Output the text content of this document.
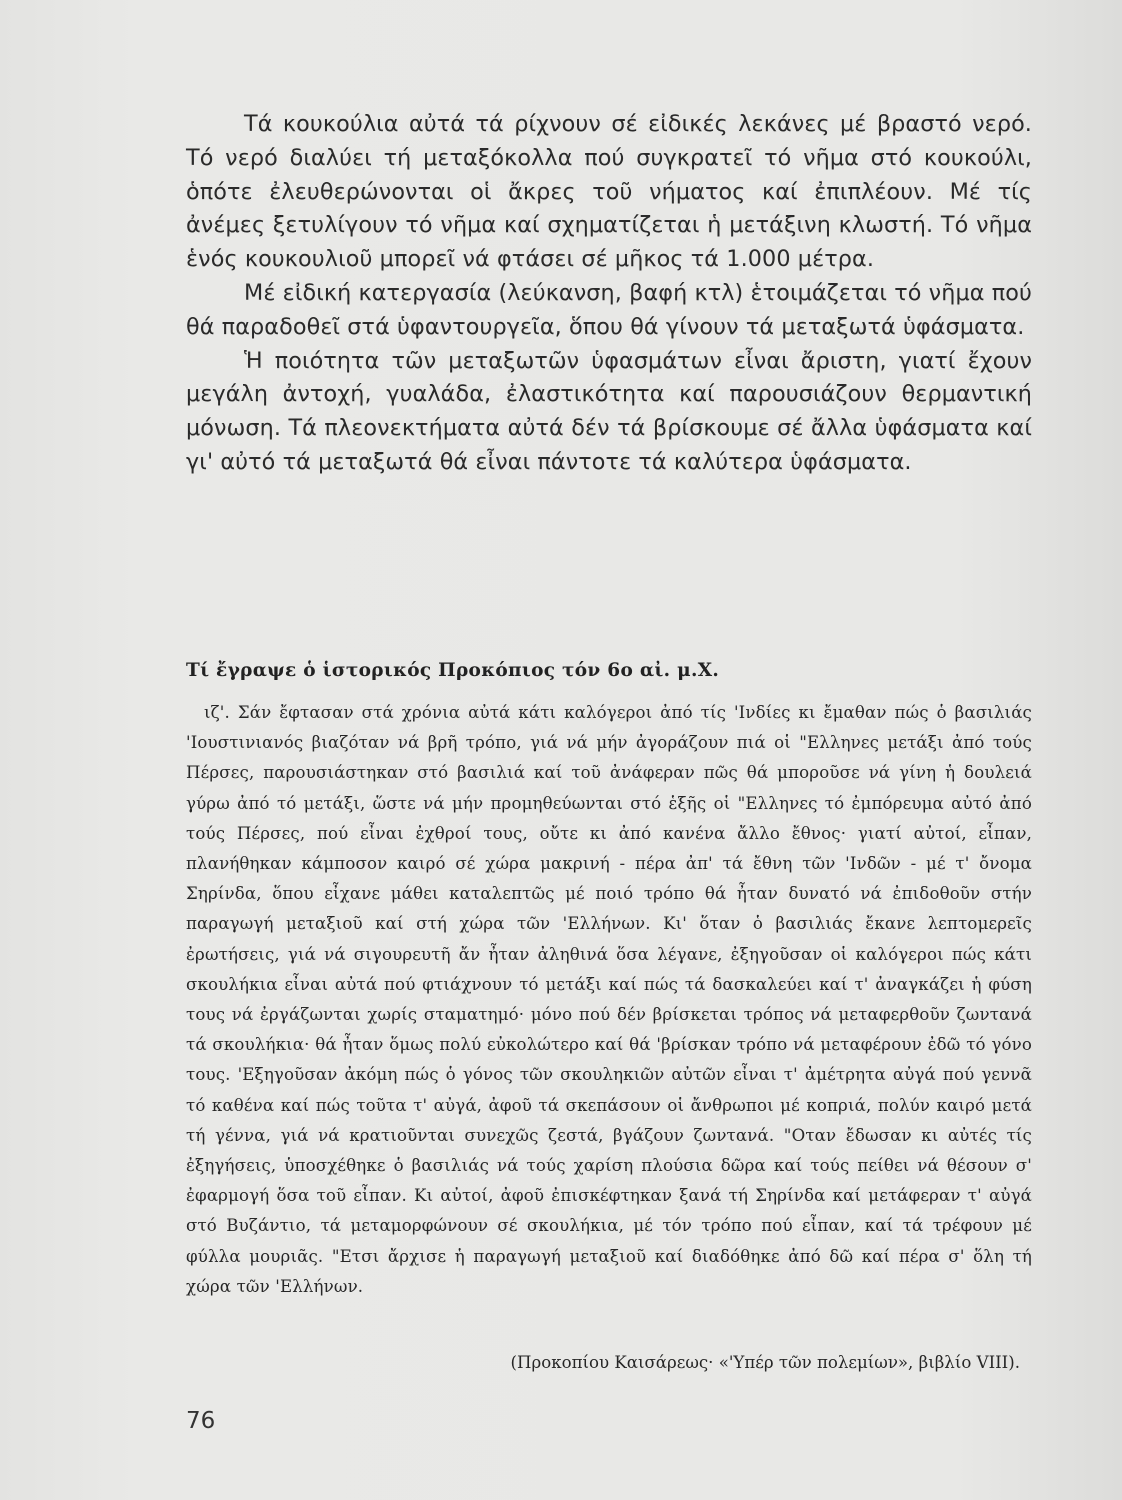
Τά κουκούλια αὐτά τά ρίχνουν σέ εἰδικές λεκάνες μέ βραστό νερό. Τό νερό διαλύει τή μεταξόκολλα πού συγκρατεῖ τό νῆμα στό κουκούλι, ὁπότε ἐλευθερώνονται οἱ ἄκρες τοῦ νήματος καί ἐπιπλέουν. Μέ τίς ἀνέμες ξετυλίγουν τό νῆμα καί σχηματίζεται ἡ μετάξινη κλωστή. Τό νῆμα ἑνός κουκουλιοῦ μπορεῖ νά φτάσει σέ μῆκος τά 1.000 μέτρα.

Μέ εἰδική κατεργασία (λεύκανση, βαφή κτλ) ἑτοιμάζεται τό νῆμα πού θά παραδοθεῖ στά ὑφαντουργεῖα, ὅπου θά γίνουν τά μεταξωτά ὑφάσματα.

Ἡ ποιότητα τῶν μεταξωτῶν ὑφασμάτων εἶναι ἄριστη, γιατί ἔχουν μεγάλη ἀντοχή, γυαλάδα, ἐλαστικότητα καί παρουσιάζουν θερμαντική μόνωση. Τά πλεονεκτήματα αὐτά δέν τά βρίσκουμε σέ ἄλλα ὑφάσματα καί γι' αὐτό τά μεταξωτά θά εἶναι πάντοτε τά καλύτερα ὑφάσματα.

Τί ἔγραψε ὁ ἱστορικός Προκόπιος τόν 6ο αἰ. μ.Χ.

ιζ'. Σάν ἔφτασαν στά χρόνια αὐτά κάτι καλόγεροι ἀπό τίς 'Ινδίες κι ἔμαθαν πώς ὁ βασιλιάς 'Ιουστινιανός βιαζόταν νά βρῆ τρόπο, γιά νά μήν ἀγοράζουν πιά οἱ "Ελληνες μετάξι ἀπό τούς Πέρσες, παρουσιάστηκαν στό βασιλιά καί τοῦ ἀνάφεραν πῶς θά μποροῦσε νά γίνη ἡ δουλειά γύρω ἀπό τό μετάξι, ὥστε νά μήν προμηθεύωνται στό ἑξῆς οἱ "Ελληνες τό ἐμπόρευμα αὐτό ἀπό τούς Πέρσες, πού εἶναι ἐχθροί τους, οὔτε κι ἀπό κανένα ἄλλο ἔθνος· γιατί αὐτοί, εἶπαν, πλανήθηκαν κάμποσον καιρό σέ χώρα μακρινή - πέρα ἀπ' τά ἔθνη τῶν 'Ινδῶν - μέ τ' ὄνομα Σηρίνδα, ὅπου εἶχανε μάθει καταλεπτῶς μέ ποιό τρόπο θά ἦταν δυνατό νά ἐπιδοθοῦν στήν παραγωγή μεταξιοῦ καί στή χώρα τῶν 'Ελλήνων. Κι' ὅταν ὁ βασιλιάς ἔκανε λεπτομερεῖς ἐρωτήσεις, γιά νά σιγουρευτῆ ἄν ἦταν ἀληθινά ὅσα λέγανε, ἐξηγοῦσαν οἱ καλόγεροι πώς κάτι σκουλήκια εἶναι αὐτά πού φτιάχνουν τό μετάξι καί πώς τά δασκαλεύει καί τ' ἀναγκάζει ἡ φύση τους νά ἐργάζωνται χωρίς σταματημό· μόνο πού δέν βρίσκεται τρόπος νά μεταφερθοῦν ζωντανά τά σκουλήκια· θά ἦταν ὅμως πολύ εὐκολώτερο καί θά 'βρίσκαν τρόπο νά μεταφέρουν ἐδῶ τό γόνο τους. 'Εξηγοῦσαν ἀκόμη πώς ὁ γόνος τῶν σκουληκιῶν αὐτῶν εἶναι τ' ἀμέτρητα αὐγά πού γεννᾶ τό καθένα καί πώς τοῦτα τ' αὐγά, ἀφοῦ τά σκεπάσουν οἱ ἄνθρωποι μέ κοπριά, πολύν καιρό μετά τή γέννα, γιά νά κρατιοῦνται συνεχῶς ζεστά, βγάζουν ζωντανά. "Οταν ἔδωσαν κι αὐτές τίς ἐξηγήσεις, ὑποσχέθηκε ὁ βασιλιάς νά τούς χαρίση πλούσια δῶρα καί τούς πείθει νά θέσουν σ' ἐφαρμογή ὅσα τοῦ εἶπαν. Κι αὐτοί, ἀφοῦ ἐπισκέφτηκαν ξανά τή Σηρίνδα καί μετάφεραν τ' αὐγά στό Βυζάντιο, τά μεταμορφώνουν σέ σκουλήκια, μέ τόν τρόπο πού εἶπαν, καί τά τρέφουν μέ φύλλα μουριᾶς. "Ετσι ἄρχισε ἡ παραγωγή μεταξιοῦ καί διαδόθηκε ἀπό δῶ καί πέρα σ' ὅλη τή χώρα τῶν 'Ελλήνων.

(Προκοπίου Καισάρεως· «'Υπέρ τῶν πολεμίων», βιβλίο VIII).
76
